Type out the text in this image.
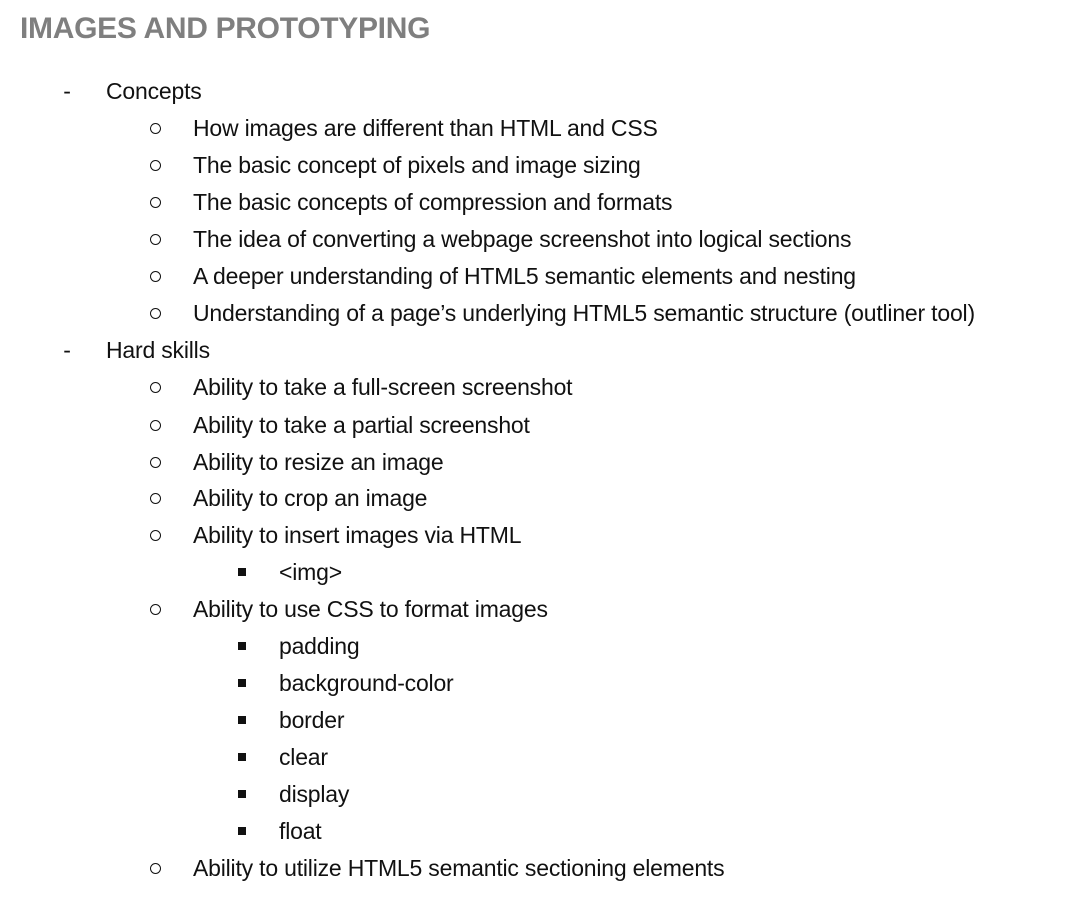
IMAGES AND PROTOTYPING
- Concepts
How images are different than HTML and CSS
The basic concept of pixels and image sizing
The basic concepts of compression and formats
The idea of converting a webpage screenshot into logical sections
A deeper understanding of HTML5 semantic elements and nesting
Understanding of a page’s underlying HTML5 semantic structure (outliner tool)
- Hard skills
Ability to take a full-screen screenshot
Ability to take a partial screenshot
Ability to resize an image
Ability to crop an image
Ability to insert images via HTML
<img>
Ability to use CSS to format images
padding
background-color
border
clear
display
float
Ability to utilize HTML5 semantic sectioning elements
